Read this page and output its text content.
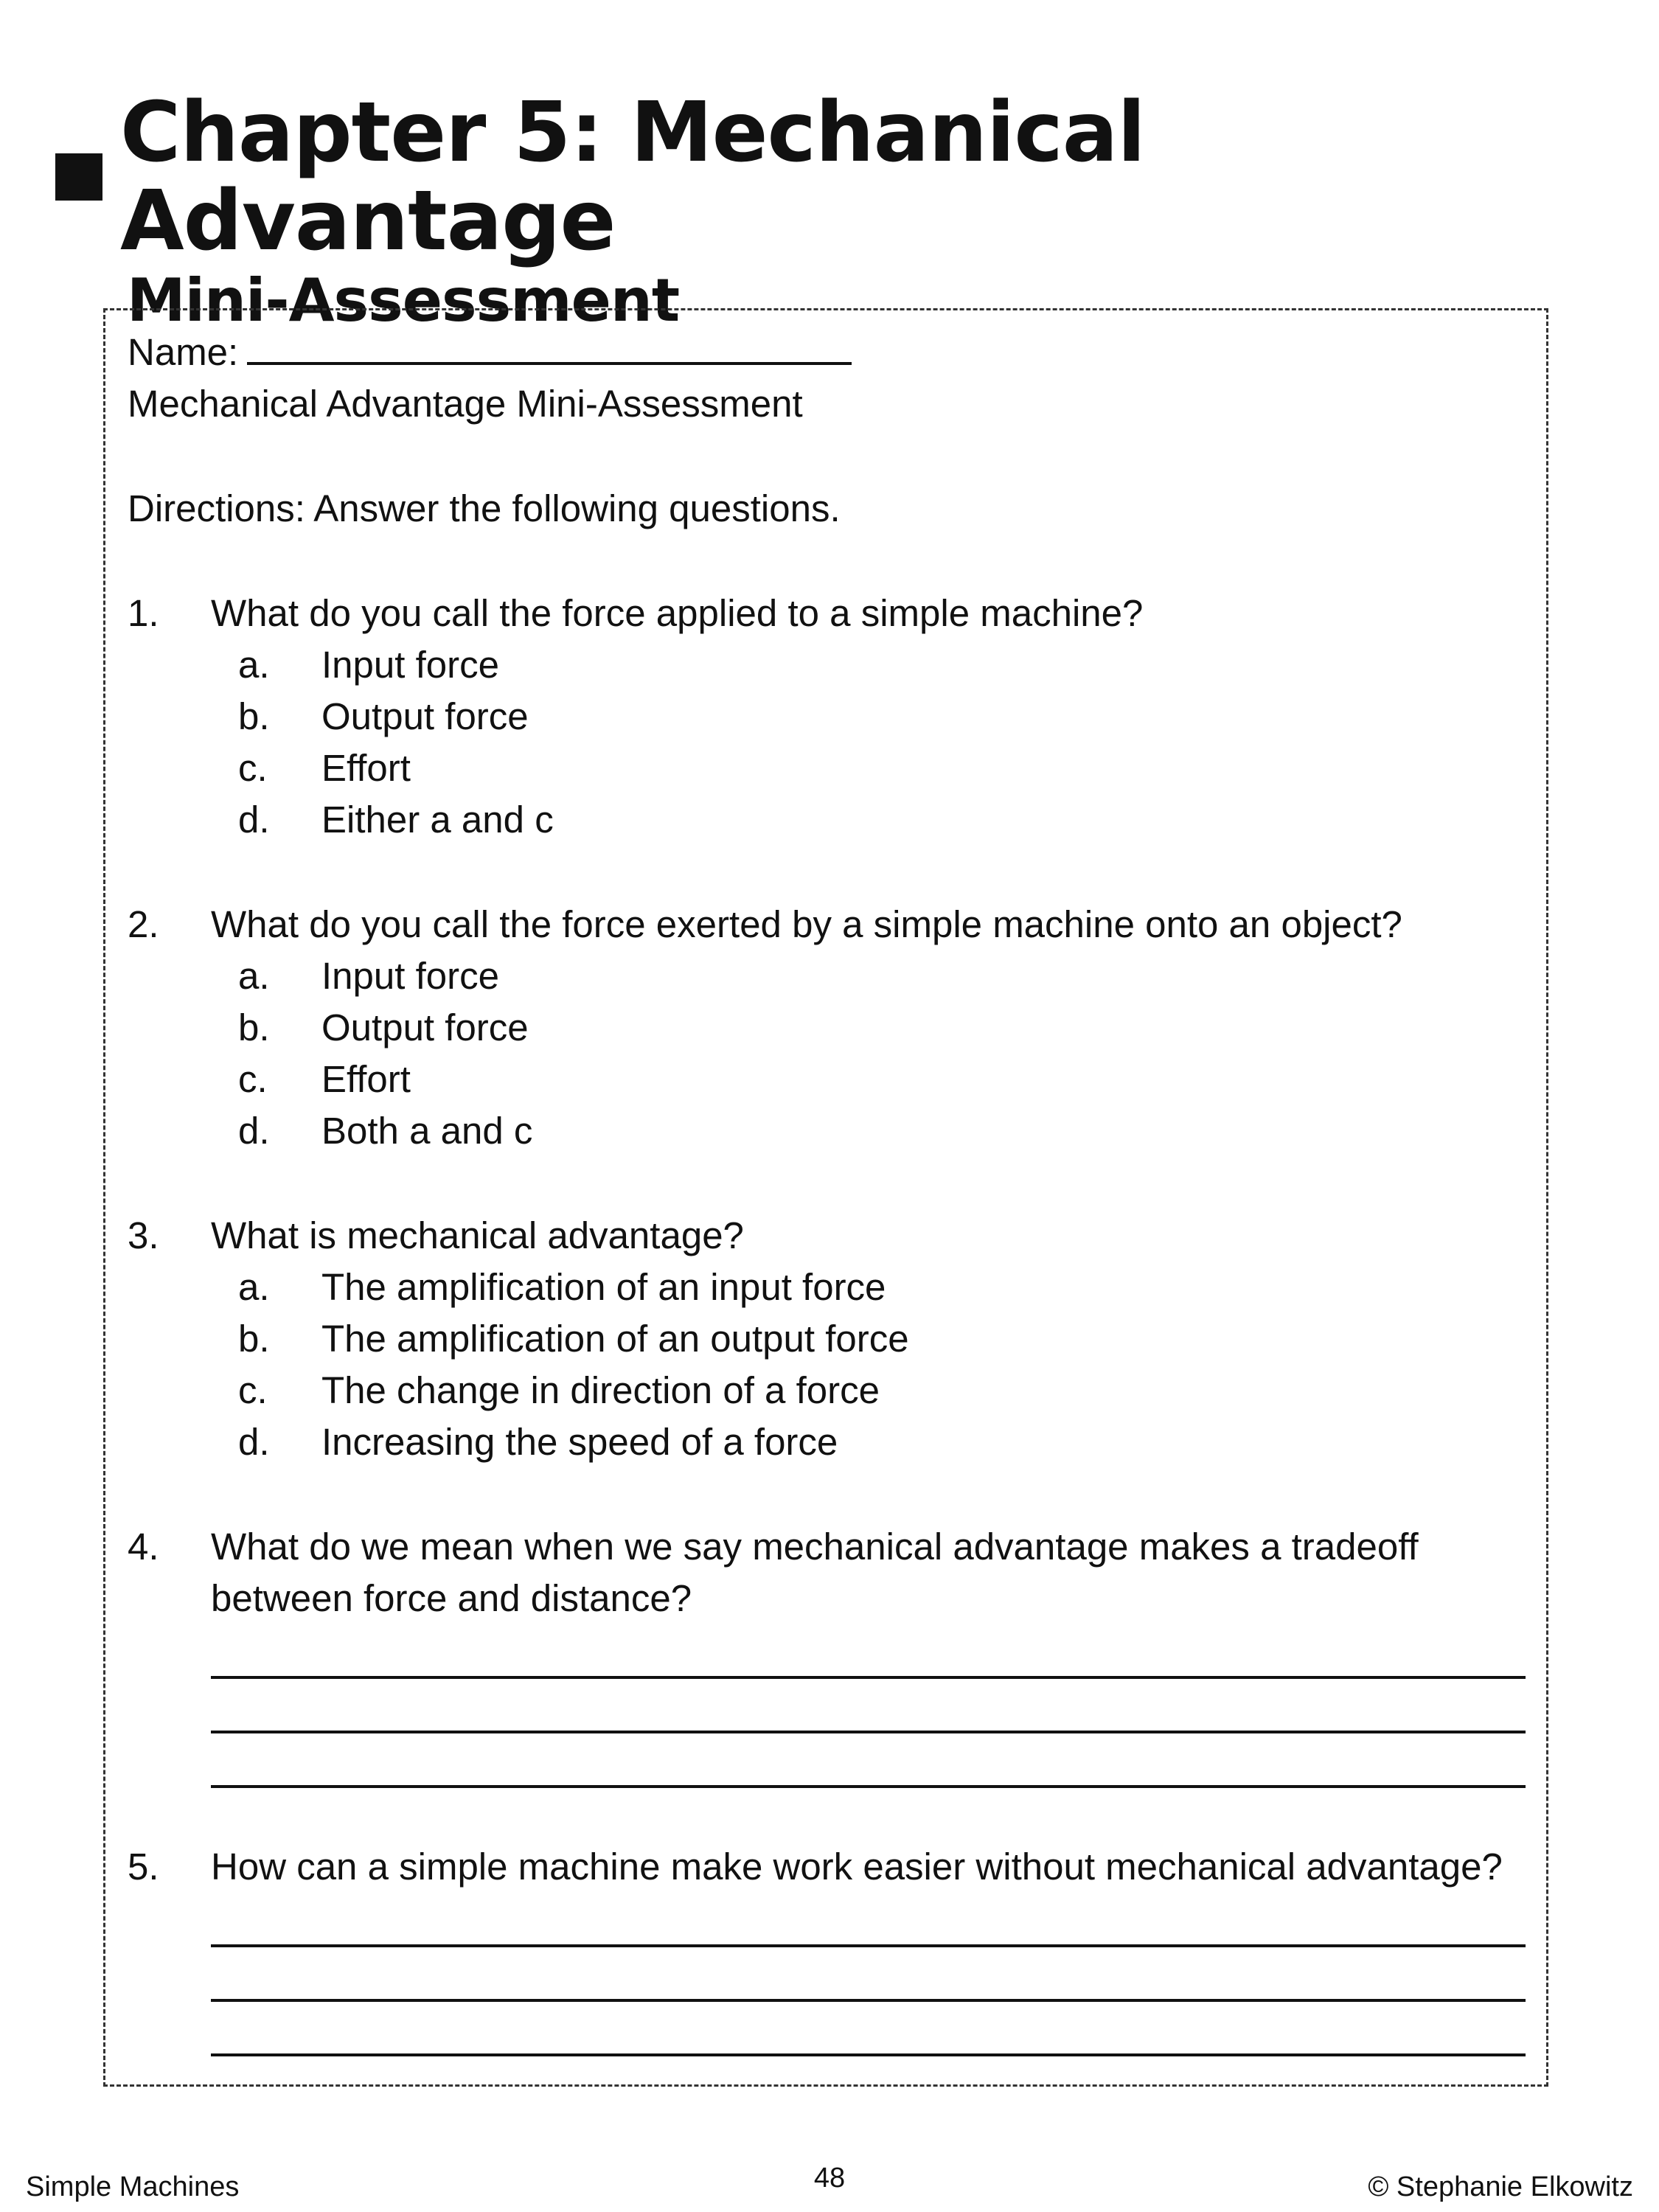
Chapter 5: Mechanical Advantage
Mini-Assessment
Name:
Mechanical Advantage Mini-Assessment
Directions: Answer the following questions.
1.	What do you call the force applied to a simple machine?
a.	Input force
b.	Output force
c.	Effort
d.	Either a and c
2.	What do you call the force exerted by a simple machine onto an object?
a.	Input force
b.	Output force
c.	Effort
d.	Both a and c
3.	What is mechanical advantage?
a.	The amplification of an input force
b.	The amplification of an output force
c.	The change in direction of a force
d.	Increasing the speed of a force
4.	What do we mean when we say mechanical advantage makes a tradeoff between force and distance?
5.	How can a simple machine make work easier without mechanical advantage?
Simple Machines	48	© Stephanie Elkowitz
